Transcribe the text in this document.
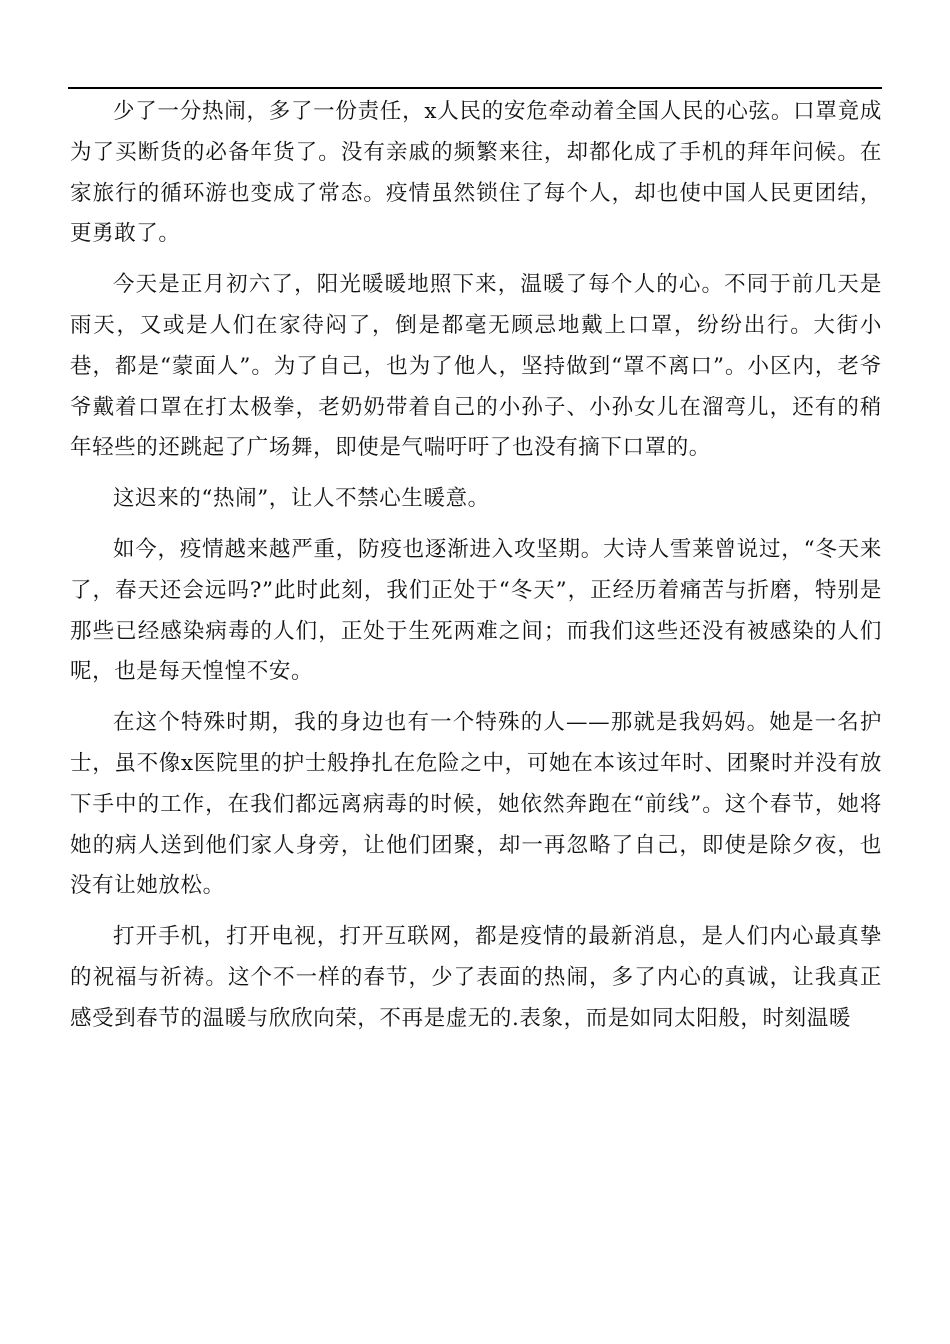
少了一分热闹，多了一份责任，x人民的安危牵动着全国人民的心弦。口罩竟成为了买断货的必备年货了。没有亲戚的频繁来往，却都化成了手机的拜年问候。在家旅行的循环游也变成了常态。疫情虽然锁住了每个人，却也使中国人民更团结，更勇敢了。

今天是正月初六了，阳光暖暖地照下来，温暖了每个人的心。不同于前几天是雨天，又或是人们在家待闷了，倒是都毫无顾忌地戴上口罩，纷纷出行。大街小巷，都是“蒙面人”。为了自己，也为了他人，坚持做到“罩不离口”。小区内，老爷爷戴着口罩在打太极拳，老奶奶带着自己的小孙子、小孙女儿在溜弯儿，还有的稍年轻些的还跳起了广场舞，即使是气喘吁吁了也没有摘下口罩的。

这迟来的“热闹”，让人不禁心生暖意。

如今，疫情越来越严重，防疫也逐渐进入攻坚期。大诗人雪莱曾说过，“冬天来了，春天还会远吗?”此时此刻，我们正处于“冬天”，正经历着痛苦与折磨，特别是那些已经感染病毒的人们，正处于生死两难之间；而我们这些还没有被感染的人们呢，也是每天惶惶不安。

在这个特殊时期，我的身边也有一个特殊的人——那就是我妈妈。她是一名护士，虽不像x医院里的护士般挣扎在危险之中，可她在本该过年时、团聚时并没有放下手中的工作，在我们都远离病毒的时候，她依然奔跑在“前线”。这个春节，她将她的病人送到他们家人身旁，让他们团聚，却一再忽略了自己，即使是除夕夜，也没有让她放松。

打开手机，打开电视，打开互联网，都是疫情的最新消息，是人们内心最真挚的祝福与祈祷。这个不一样的春节，少了表面的热闹，多了内心的真诚，让我真正感受到春节的温暖与欣欣向荣，不再是虚无的.表象，而是如同太阳般，时刻温暖
